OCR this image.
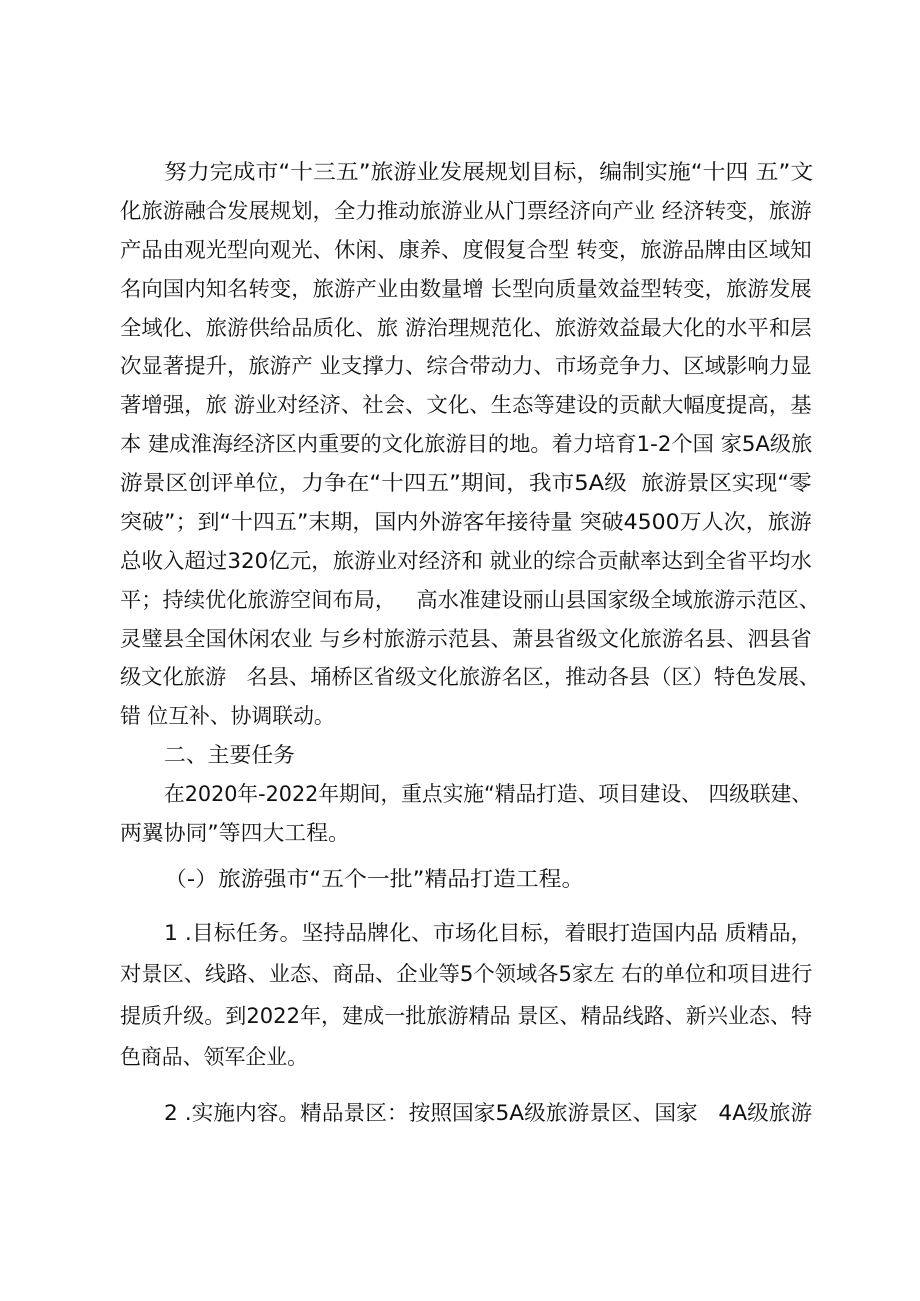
努力完成市“十三五”旅游业发展规划目标，编制实施“十四 五”文
化旅游融合发展规划，全力推动旅游业从门票经济向产业 经济转变，旅游
产品由观光型向观光、休闲、康养、度假复合型 转变，旅游品牌由区域知
名向国内知名转变，旅游产业由数量增 长型向质量效益型转变，旅游发展
全域化、旅游供给品质化、旅 游治理规范化、旅游效益最大化的水平和层
次显著提升，旅游产 业支撑力、综合带动力、市场竞争力、区域影响力显
著增强，旅 游业对经济、社会、文化、生态等建设的贡献大幅度提高，基
本 建成淮海经济区内重要的文化旅游目的地。着力培育1-2个国 家5A级旅
游景区创评单位，力争在“十四五”期间，我市5A级  旅游景区实现“零
突破”；到“十四五”末期，国内外游客年接待量 突破4500万人次，旅游
总收入超过320亿元，旅游业对经济和 就业的综合贡献率达到全省平均水
平；持续优化旅游空间布局，   高水准建设丽山县国家级全域旅游示范区、
灵璧县全国休闲农业 与乡村旅游示范县、萧县省级文化旅游名县、泗县省
级文化旅游   名县、埇桥区省级文化旅游名区，推动各县（区）特色发展、
错 位互补、协调联动。
二、主要任务
在2020年-2022年期间，重点实施“精品打造、项目建设、 四级联建、
两翼协同”等四大工程。
（-）旅游强市“五个一批”精品打造工程。
1 .目标任务。坚持品牌化、市场化目标，着眼打造国内品 质精品，
对景区、线路、业态、商品、企业等5个领域各5家左 右的单位和项目进行
提质升级。到2022年，建成一批旅游精品 景区、精品线路、新兴业态、特
色商品、领军企业。
2 .实施内容。精品景区：按照国家5A级旅游景区、国家   4A级旅游
